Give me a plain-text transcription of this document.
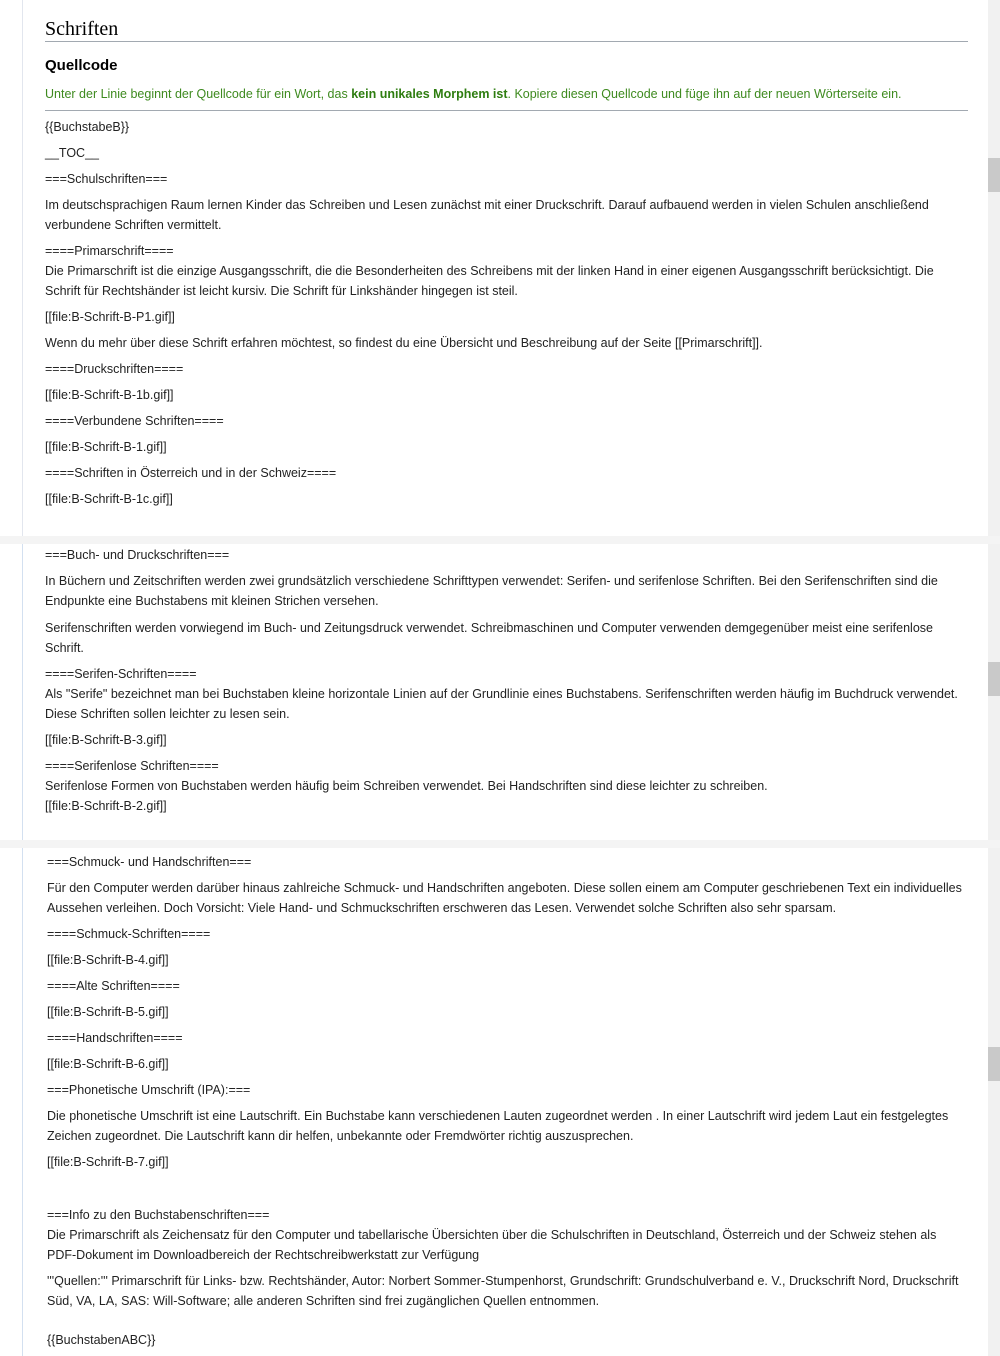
Schriften
Quellcode
Unter der Linie beginnt der Quellcode für ein Wort, das kein unikales Morphem ist. Kopiere diesen Quellcode und füge ihn auf der neuen Wörterseite ein.

{{BuchstabeB}}

__TOC__

===Schulschriften===

Im deutschsprachigen Raum lernen Kinder das Schreiben und Lesen zunächst mit einer Druckschrift. Darauf aufbauend werden in vielen Schulen anschließend verbundene Schriften vermittelt.

====Primarschrift====

Die Primarschrift ist die einzige Ausgangsschrift, die die Besonderheiten des Schreibens mit der linken Hand in einer eigenen Ausgangsschrift berücksichtigt. Die Schrift für Rechtshänder ist leicht kursiv. Die Schrift für Linkshänder hingegen ist steil.

[[file:B-Schrift-B-P1.gif]]

Wenn du mehr über diese Schrift erfahren möchtest, so findest du eine Übersicht und Beschreibung auf der Seite [[Primarschrift]].

====Druckschriften====

[[file:B-Schrift-B-1b.gif]]

====Verbundene Schriften====

[[file:B-Schrift-B-1.gif]]

====Schriften in Österreich und in der Schweiz====

[[file:B-Schrift-B-1c.gif]]

===Buch- und Druckschriften===

In Büchern und Zeitschriften werden zwei grundsätzlich verschiedene Schrifttypen verwendet: Serifen- und serifenlose Schriften. Bei den Serifenschriften sind die Endpunkte eine Buchstabens mit kleinen Strichen versehen.

Serifenschriften werden vorwiegend im Buch- und Zeitungsdruck verwendet. Schreibmaschinen und Computer verwenden demgegenüber meist eine serifenlose Schrift.

====Serifen-Schriften====

Als "Serife" bezeichnet man bei Buchstaben kleine horizontale Linien auf der Grundlinie eines Buchstabens. Serifenschriften werden häufig im Buchdruck verwendet. Diese Schriften sollen leichter zu lesen sein.

[[file:B-Schrift-B-3.gif]]

====Serifenlose Schriften====

Serifenlose Formen von Buchstaben werden häufig beim Schreiben verwendet. Bei Handschriften sind diese leichter zu schreiben.

[[file:B-Schrift-B-2.gif]]

===Schmuck- und Handschriften===

Für den Computer werden darüber hinaus zahlreiche Schmuck- und Handschriften angeboten. Diese sollen einem am Computer geschriebenen Text ein individuelles Aussehen verleihen. Doch Vorsicht: Viele Hand- und Schmuckschriften erschweren das Lesen. Verwendet solche Schriften also sehr sparsam.

====Schmuck-Schriften====

[[file:B-Schrift-B-4.gif]]

====Alte Schriften====

[[file:B-Schrift-B-5.gif]]

====Handschriften====

[[file:B-Schrift-B-6.gif]]

===Phonetische Umschrift (IPA):===

Die phonetische Umschrift ist eine Lautschrift. Ein Buchstabe kann verschiedenen Lauten zugeordnet werden . In einer Lautschrift wird jedem Laut ein festgelegtes Zeichen zugeordnet. Die Lautschrift kann dir helfen, unbekannte oder Fremdwörter richtig auszusprechen.

[[file:B-Schrift-B-7.gif]]

===Info zu den Buchstabenschriften===

Die Primarschrift als Zeichensatz für den Computer und tabellarische Übersichten über die Schulschriften in Deutschland, Österreich und der Schweiz stehen als PDF-Dokument im Downloadbereich der Rechtschreibwerkstatt zur Verfügung

'''Quellen:''' Primarschrift für Links- bzw. Rechtshänder, Autor: Norbert Sommer-Stumpenhorst, Grundschrift: Grundschulverband e. V., Druckschrift Nord, Druckschrift Süd, VA, LA, SAS: Will-Software; alle anderen Schriften sind frei zugänglichen Quellen entnommen.

{{BuchstabenABC}}
